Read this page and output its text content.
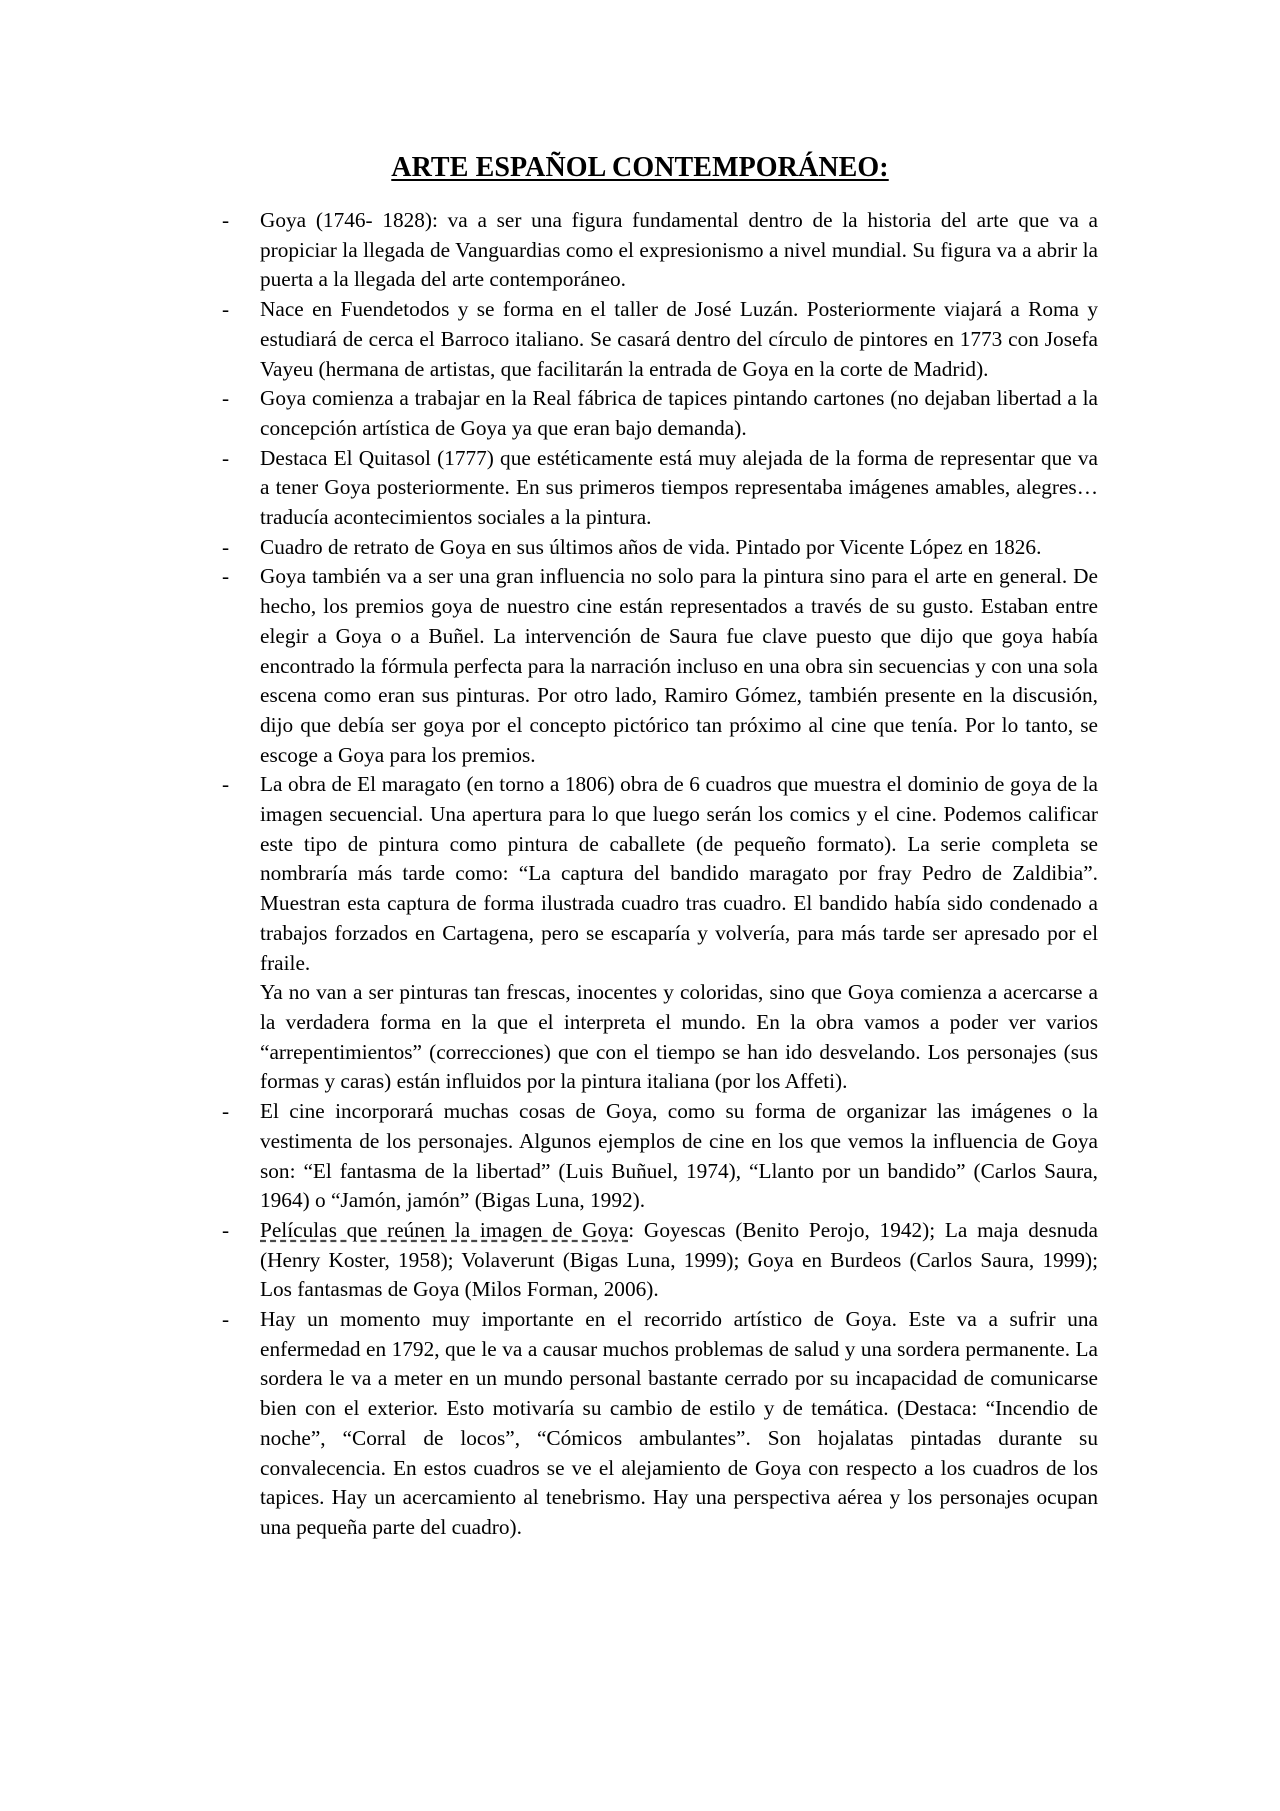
ARTE ESPAÑOL CONTEMPORÁNEO:
- Goya (1746- 1828): va a ser una figura fundamental dentro de la historia del arte que va a propiciar la llegada de Vanguardias como el expresionismo a nivel mundial. Su figura va a abrir la puerta a la llegada del arte contemporáneo.

- Nace en Fuendetodos y se forma en el taller de José Luzán. Posteriormente viajará a Roma y estudiará de cerca el Barroco italiano. Se casará dentro del círculo de pintores en 1773 con Josefa Vayeu (hermana de artistas, que facilitarán la entrada de Goya en la corte de Madrid).

- Goya comienza a trabajar en la Real fábrica de tapices pintando cartones (no dejaban libertad a la concepción artística de Goya ya que eran bajo demanda).

- Destaca El Quitasol (1777) que estéticamente está muy alejada de la forma de representar que va a tener Goya posteriormente. En sus primeros tiempos representaba imágenes amables, alegres…traducía acontecimientos sociales a la pintura.

- Cuadro de retrato de Goya en sus últimos años de vida. Pintado por Vicente López en 1826.

- Goya también va a ser una gran influencia no solo para la pintura sino para el arte en general. De hecho, los premios goya de nuestro cine están representados a través de su gusto. Estaban entre elegir a Goya o a Buñel. La intervención de Saura fue clave puesto que dijo que goya había encontrado la fórmula perfecta para la narración incluso en una obra sin secuencias y con una sola escena como eran sus pinturas. Por otro lado, Ramiro Gómez, también presente en la discusión, dijo que debía ser goya por el concepto pictórico tan próximo al cine que tenía. Por lo tanto, se escoge a Goya para los premios.

- La obra de El maragato (en torno a 1806) obra de 6 cuadros que muestra el dominio de goya de la imagen secuencial. Una apertura para lo que luego serán los comics y el cine. Podemos calificar este tipo de pintura como pintura de caballete (de pequeño formato). La serie completa se nombraría más tarde como: “La captura del bandido maragato por fray Pedro de Zaldibia”. Muestran esta captura de forma ilustrada cuadro tras cuadro. El bandido había sido condenado a trabajos forzados en Cartagena, pero se escaparía y volvería, para más tarde ser apresado por el fraile.

Ya no van a ser pinturas tan frescas, inocentes y coloridas, sino que Goya comienza a acercarse a la verdadera forma en la que el interpreta el mundo. En la obra vamos a poder ver varios “arrepentimientos” (correcciones) que con el tiempo se han ido desvelando. Los personajes (sus formas y caras) están influidos por la pintura italiana (por los Affeti).

- El cine incorporará muchas cosas de Goya, como su forma de organizar las imágenes o la vestimenta de los personajes. Algunos ejemplos de cine en los que vemos la influencia de Goya son: “El fantasma de la libertad” (Luis Buñuel, 1974), “Llanto por un bandido” (Carlos Saura, 1964) o “Jamón, jamón” (Bigas Luna, 1992).

- Películas que reúnen la imagen de Goya: Goyescas (Benito Perojo, 1942); La maja desnuda (Henry Koster, 1958); Volaverunt (Bigas Luna, 1999); Goya en Burdeos (Carlos Saura, 1999); Los fantasmas de Goya (Milos Forman, 2006).

- Hay un momento muy importante en el recorrido artístico de Goya. Este va a sufrir una enfermedad en 1792, que le va a causar muchos problemas de salud y una sordera permanente. La sordera le va a meter en un mundo personal bastante cerrado por su incapacidad de comunicarse bien con el exterior. Esto motivaría su cambio de estilo y de temática. (Destaca: “Incendio de noche”, “Corral de locos”, “Cómicos ambulantes”. Son hojalatas pintadas durante su convalecencia. En estos cuadros se ve el alejamiento de Goya con respecto a los cuadros de los tapices. Hay un acercamiento al tenebrismo. Hay una perspectiva aérea y los personajes ocupan una pequeña parte del cuadro).
